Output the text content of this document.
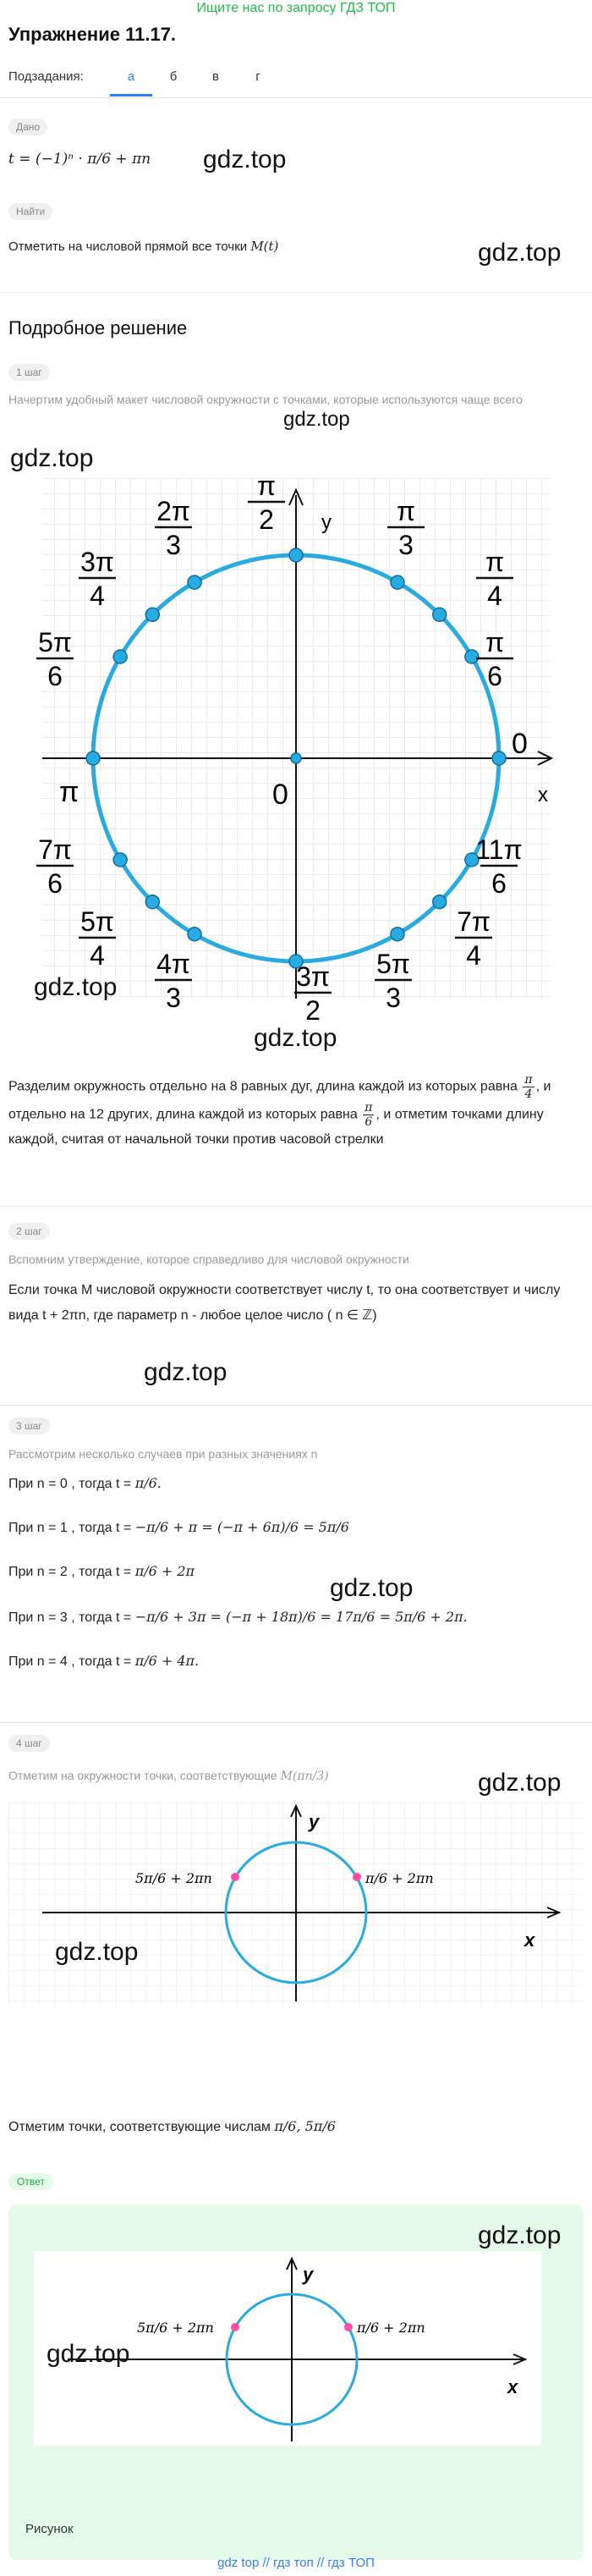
Ищите нас по запросу ГДЗ ТОП
Упражнение 11.17.
Подзадания:	а	б	в	г
Дано
t = (−1)ⁿ · π/6 + πn gdz.top
Найти
Отметить на числовой прямой все точки M(t)	gdz.top
Подробное решение
1 шаг
Начертим удобный макет числовой окружности с точками, которые используются чаще всего
gdz.top
gdz.top
y
x
0
0
π
π
2	π
3
π
4
π
6
2π
3
3π
4
5π
6
7π
6
5π
4 4π
3
3π
2
5π
3
7π
4
11π
6
gdz.top
gdz.top
Разделим окружность отдельно на 8 равных дуг, длина каждой из которых равна $\frac{\pi}{4}$ , и отдельно на 12 других, длина каждой из которых равна $\frac{\pi}{6}$ , и отметим точками длину каждой, считая от начальной точки против часовой стрелки
2 шаг
Вспомним утверждение, которое справедливо для числовой окружности
Если точка M числовой окружности соответствует числу t, то она соответствует и числу вида t + 2πn, где параметр n - любое целое число ( n ∈ ℤ)
gdz.top
3 шаг
Рассмотрим несколько случаев при разных значениях n
При n = 0 , тогда t = π/6.
При n = 1 , тогда t = −π/6 + π = (−π + 6π)/6 = 5π/6
При n = 2 , тогда t = π/6 + 2π
gdz.top
При n = 3 , тогда t = −π/6 + 3π = (−π + 18π)/6 = 17π/6 = 5π/6 + 2π.
При n = 4 , тогда t = π/6 + 4π.
4 шаг
Отметим на окружности точки, соответствующие M(πn/3)	gdz.top
y
x
5π/6 + 2πn	π/6 + 2πn
gdz.top
Отметим точки, соответствующие числам π/6, 5π/6
Ответ
gdz.top
y
x
5π/6 + 2πn	π/6 + 2πn
gdz.top
Рисунок
gdz top // гдз топ // гдз ТОП
